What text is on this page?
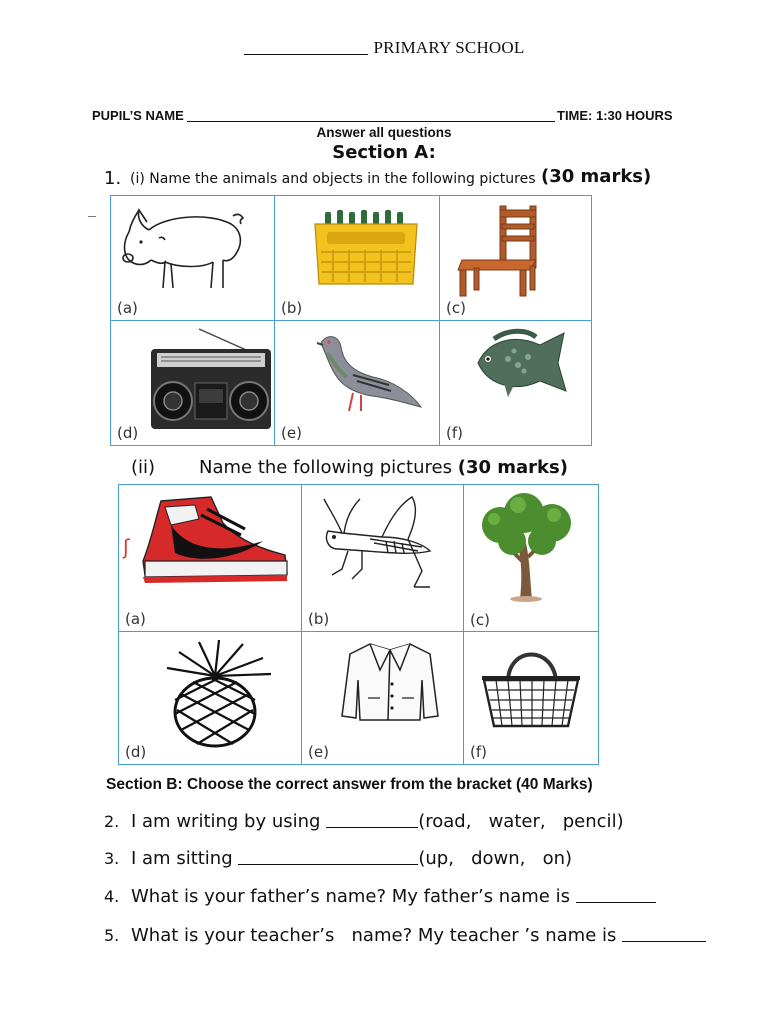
PRIMARY SCHOOL
PUPIL’S NAME	TIME: 1:30 HOURS
Answer all questions
Section A:
1. (i) Name the animals and objects in the following pictures (30 marks)
(a)	(b)	(c)
(d)	(e)	(f)
(ii) Name the following pictures (30 marks)
ʃ
(a)	(b)	(c)
(d)	(e)	(f)
Section B: Choose the correct answer from the bracket (40 Marks)
2. I am writing by using	(road,   water,   pencil)
3. I am sitting	(up,   down,   on)
4. What is your father’s name? My father’s name is
5. What is your teacher’s   name? My teacher ’s name is
